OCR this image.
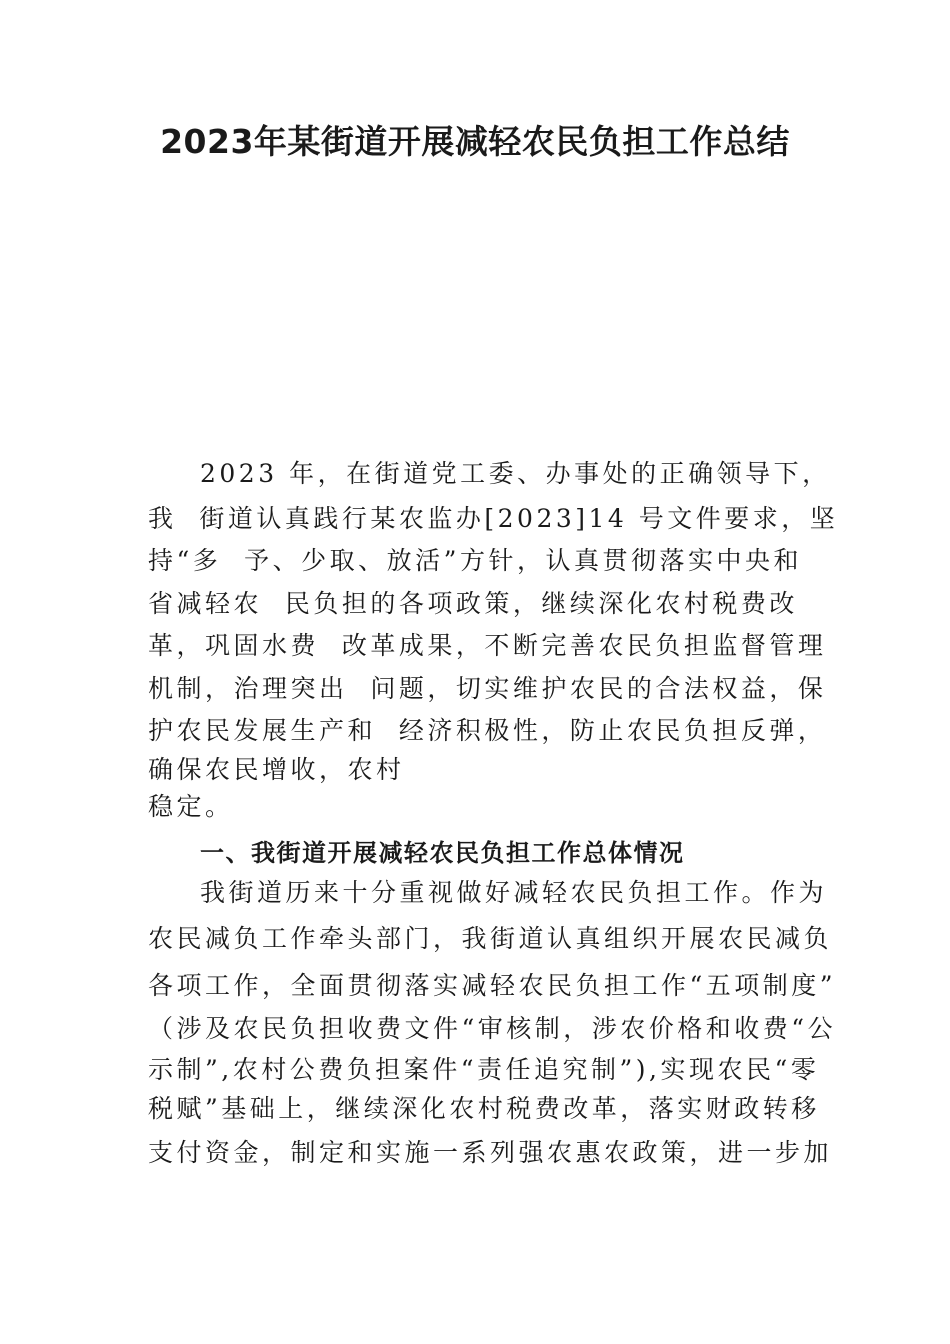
2023年某街道开展减轻农民负担工作总结
2023 年，在街道党工委、办事处的正确领导下，
我  街道认真践行某农监办[2023]14 号文件要求，坚
持“多  予、少取、放活”方针，认真贯彻落实中央和
省减轻农  民负担的各项政策，继续深化农村税费改
革，巩固水费  改革成果，不断完善农民负担监督管理
机制，治理突出  问题，切实维护农民的合法权益，保
护农民发展生产和  经济积极性，防止农民负担反弹，
确保农民增收，农村
稳定。
一、我街道开展减轻农民负担工作总体情况
我街道历来十分重视做好减轻农民负担工作。作为
农民减负工作牵头部门，我街道认真组织开展农民减负
各项工作，全面贯彻落实减轻农民负担工作“五项制度”
（涉及农民负担收费文件“审核制，涉农价格和收费“公
示制”,农村公费负担案件“责任追究制”),实现农民“零
税赋”基础上，继续深化农村税费改革，落实财政转移
支付资金，制定和实施一系列强农惠农政策，进一步加
